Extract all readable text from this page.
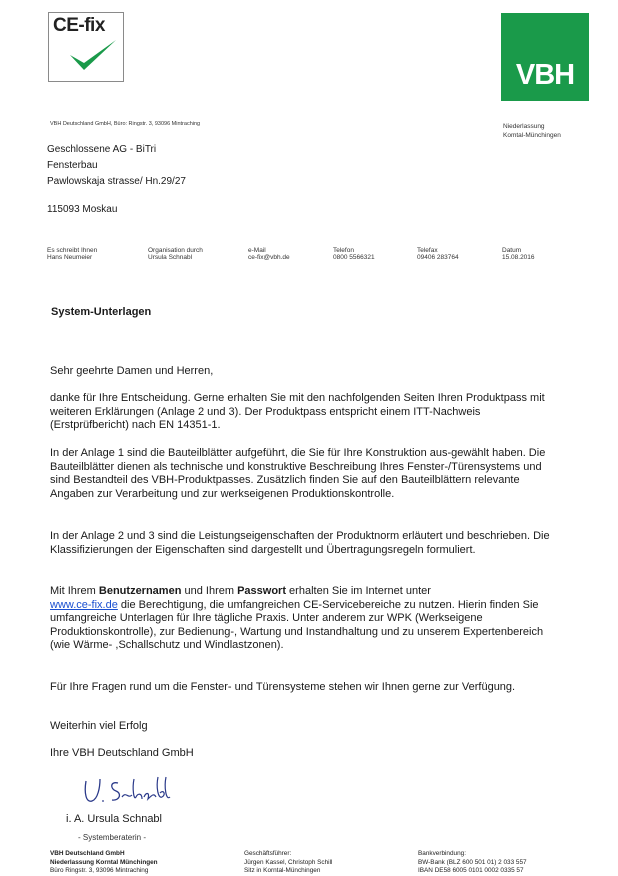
CE-fix
VBH
VBH Deutschland GmbH, Büro: Ringstr. 3, 93096 Mintraching	Niederlassung
Komtal-Münchingen
Geschlossene AG - BiTri
Fensterbau
Pawlowskaja strasse/ Hn.29/27
115093 Moskau
Es schreibt Ihnen
Hans Neumeier
Organisation durch
Ursula Schnabl
e-Mail
ce-fix@vbh.de
Telefon
0800 5566321
Telefax
09406 283764
Datum
15.08.2016
System-Unterlagen
Sehr geehrte Damen und Herren,
danke für Ihre Entscheidung. Gerne erhalten Sie mit den nachfolgenden Seiten Ihren Produktpass mit weiteren Erklärungen (Anlage 2 und 3). Der Produktpass entspricht einem ITT-Nachweis (Erstprüfbericht) nach EN 14351-1.
In der Anlage 1 sind die Bauteilblätter aufgeführt, die Sie für Ihre Konstruktion aus-gewählt haben. Die Bauteilblätter dienen als technische und konstruktive Beschreibung Ihres Fenster-/Türensystems und sind Bestandteil des VBH-Produktpasses. Zusätzlich finden Sie auf den Bauteilblättern relevante Angaben zur Verarbeitung und zur werkseigenen Produktionskontrolle.
In der Anlage 2 und 3 sind die Leistungseigenschaften der Produktnorm erläutert und beschrieben. Die Klassifizierungen der Eigenschaften sind dargestellt und Übertragungsregeln formuliert.
Mit Ihrem Benutzernamen und Ihrem Passwort erhalten Sie im Internet unter
www.ce-fix.de die Berechtigung, die umfangreichen CE-Servicebereiche zu nutzen. Hierin finden Sie umfangreiche Unterlagen für Ihre tägliche Praxis. Unter anderem zur WPK (Werkseigene Produktionskontrolle), zur Bedienung-, Wartung und Instandhaltung und zu unserem Expertenbereich (wie Wärme- ,Schallschutz und Windlastzonen).
Für Ihre Fragen rund um die Fenster- und Türensysteme stehen wir Ihnen gerne zur Verfügung.
Weiterhin viel Erfolg
Ihre VBH Deutschland GmbH
i. A. Ursula Schnabl
- Systemberaterin -
VBH Deutschland GmbH
Niederlassung Korntal Münchingen
Büro Ringstr. 3, 93096 Mintraching
Geschäftsführer:
Jürgen Kassel, Christoph Schill
Sitz in Korntal-Münchingen
Bankverbindung:
BW-Bank (BLZ 600 501 01) 2 033 557
IBAN DE58 6005 0101 0002 0335 57
